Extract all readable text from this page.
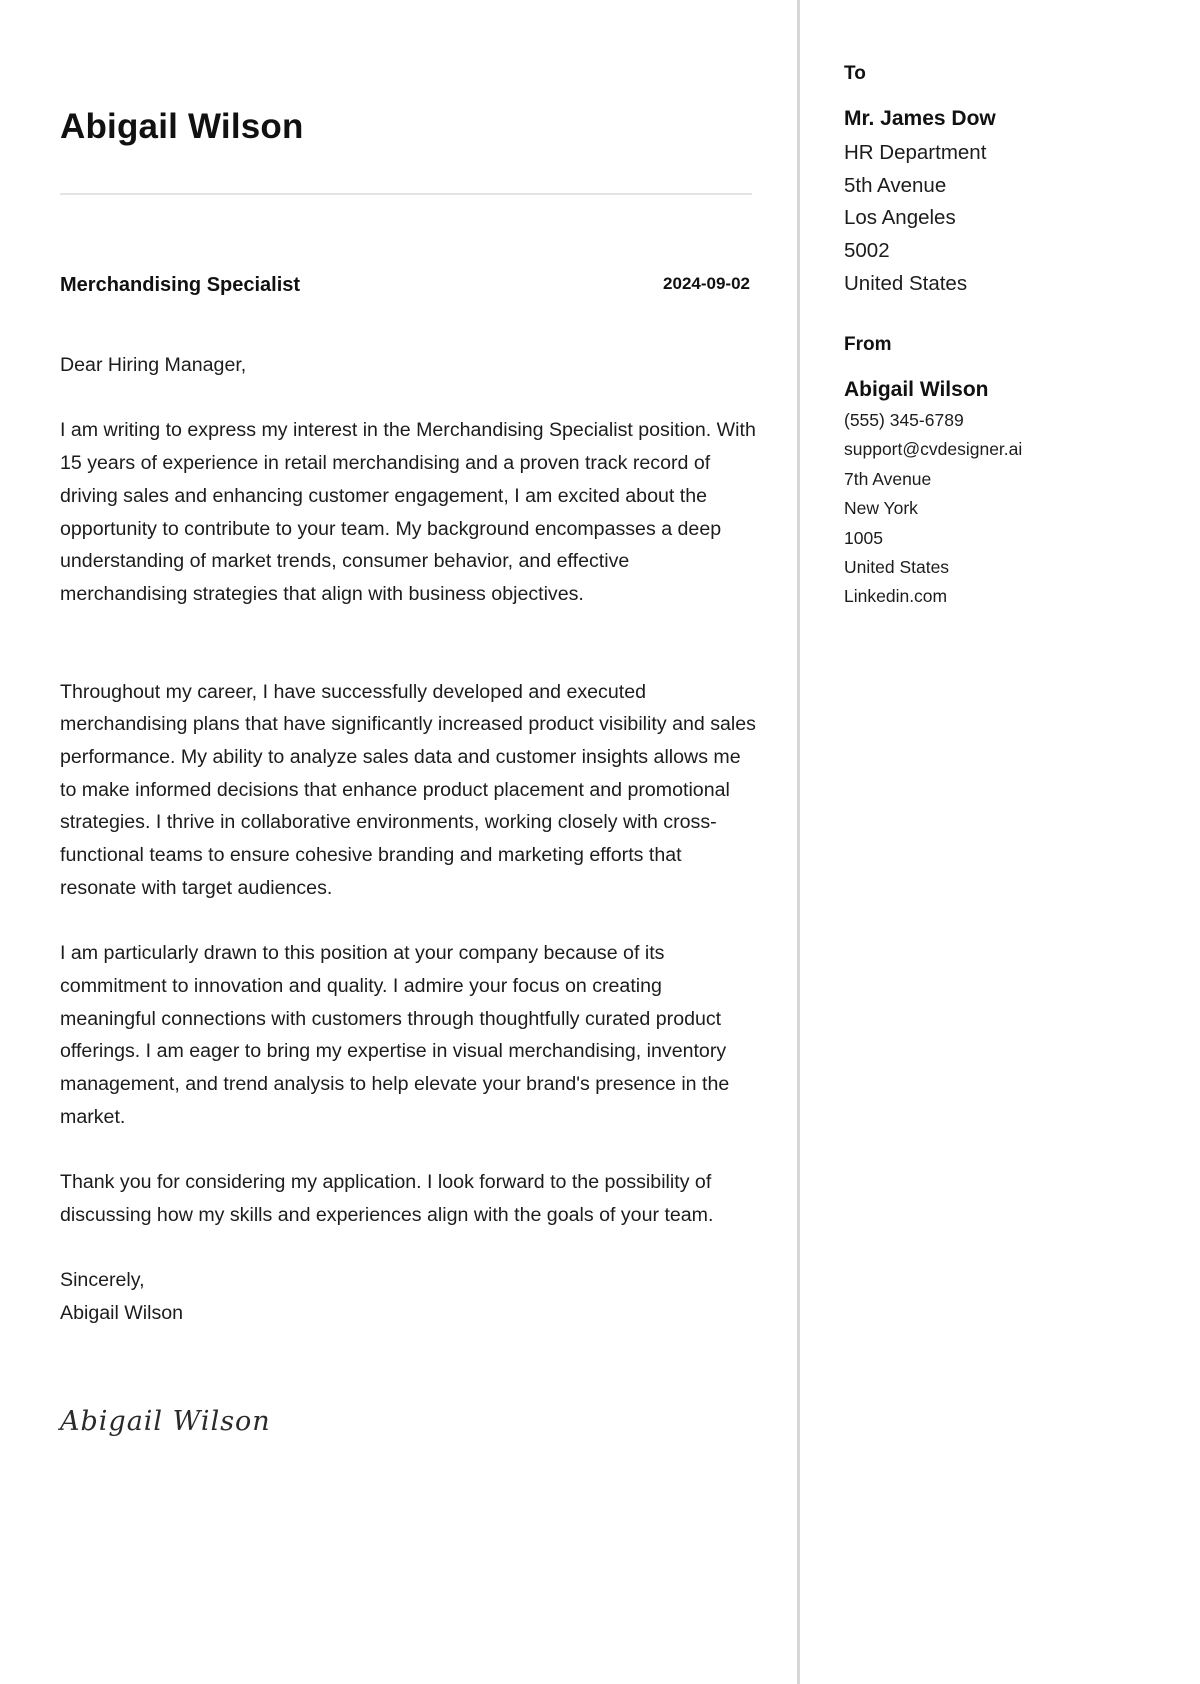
Abigail Wilson
Merchandising Specialist	2024-09-02

Dear Hiring Manager,

I am writing to express my interest in the Merchandising Specialist position. With 15 years of experience in retail merchandising and a proven track record of driving sales and enhancing customer engagement, I am excited about the opportunity to contribute to your team. My background encompasses a deep understanding of market trends, consumer behavior, and effective merchandising strategies that align with business objectives.

Throughout my career, I have successfully developed and executed merchandising plans that have significantly increased product visibility and sales performance. My ability to analyze sales data and customer insights allows me to make informed decisions that enhance product placement and promotional strategies. I thrive in collaborative environments, working closely with cross-functional teams to ensure cohesive branding and marketing efforts that resonate with target audiences.

I am particularly drawn to this position at your company because of its commitment to innovation and quality. I admire your focus on creating meaningful connections with customers through thoughtfully curated product offerings. I am eager to bring my expertise in visual merchandising, inventory management, and trend analysis to help elevate your brand's presence in the market.

Thank you for considering my application. I look forward to the possibility of discussing how my skills and experiences align with the goals of your team.

Sincerely,

Abigail Wilson

Abigail Wilson
To
Mr. James Dow
HR Department
5th Avenue
Los Angeles
5002
United States
From
Abigail Wilson
(555) 345-6789
support@cvdesigner.ai
7th Avenue
New York
1005
United States
Linkedin.com
